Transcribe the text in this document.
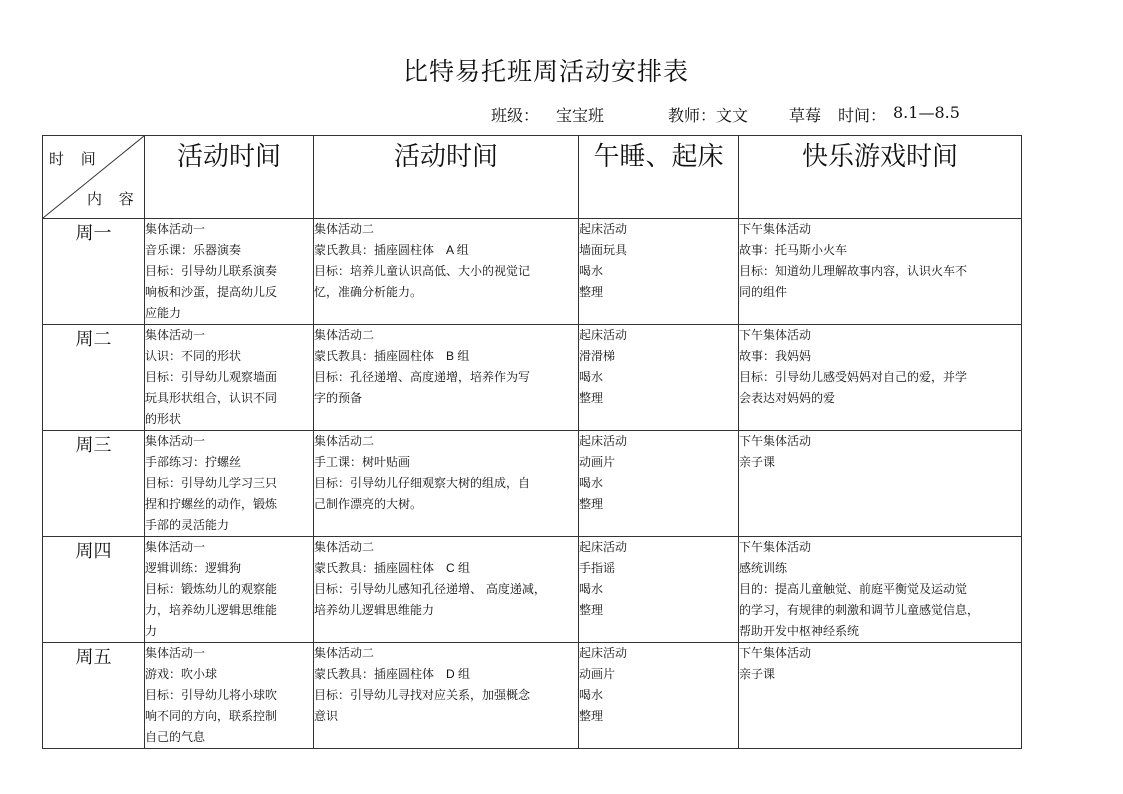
比特易托班周活动安排表
班级： 宝宝班	教师：文文	草莓 时间： 8.1—8.5
时 间
内 容	活动时间	活动时间	午睡、起床	快乐游戏时间
周一	集体活动一
音乐课：乐器演奏
目标：引导幼儿联系演奏
响板和沙蛋，提高幼儿反
应能力	集体活动二
蒙氏教具：插座圆柱体 A 组
目标：培养儿童认识高低、大小的视觉记
忆，准确分析能力。	起床活动
墙面玩具
喝水
整理	下午集体活动
故事：托马斯小火车
目标：知道幼儿理解故事内容，认识火车不
同的组件

周二	集体活动一
认识：不同的形状
目标：引导幼儿观察墙面
玩具形状组合，认识不同
的形状	集体活动二
蒙氏教具：插座圆柱体 B 组
目标：孔径递增、高度递增，培养作为写
字的预备	起床活动
滑滑梯
喝水
整理	下午集体活动
故事：我妈妈
目标：引导幼儿感受妈妈对自己的爱，并学
会表达对妈妈的爱

周三	集体活动一
手部练习：拧螺丝
目标：引导幼儿学习三只
捏和拧螺丝的动作，锻炼
手部的灵活能力	集体活动二
手工课：树叶贴画
目标：引导幼儿仔细观察大树的组成，自
己制作漂亮的大树。	起床活动
动画片
喝水
整理	下午集体活动
亲子课

周四	集体活动一
逻辑训练：逻辑狗
目标：锻炼幼儿的观察能
力，培养幼儿逻辑思维能
力	集体活动二
蒙氏教具：插座圆柱体 C 组
目标：引导幼儿感知孔径递增、 高度递减，
培养幼儿逻辑思维能力	起床活动
手指谣
喝水
整理	下午集体活动
感统训练
目的：提高儿童触觉、前庭平衡觉及运动觉
的学习，有规律的刺激和调节儿童感觉信息，
帮助开发中枢神经系统

周五	集体活动一
游戏：吹小球
目标：引导幼儿将小球吹
响不同的方向，联系控制
自己的气息	集体活动二
蒙氏教具：插座圆柱体 D 组
目标：引导幼儿寻找对应关系，加强概念
意识	起床活动
动画片
喝水
整理	下午集体活动
亲子课
